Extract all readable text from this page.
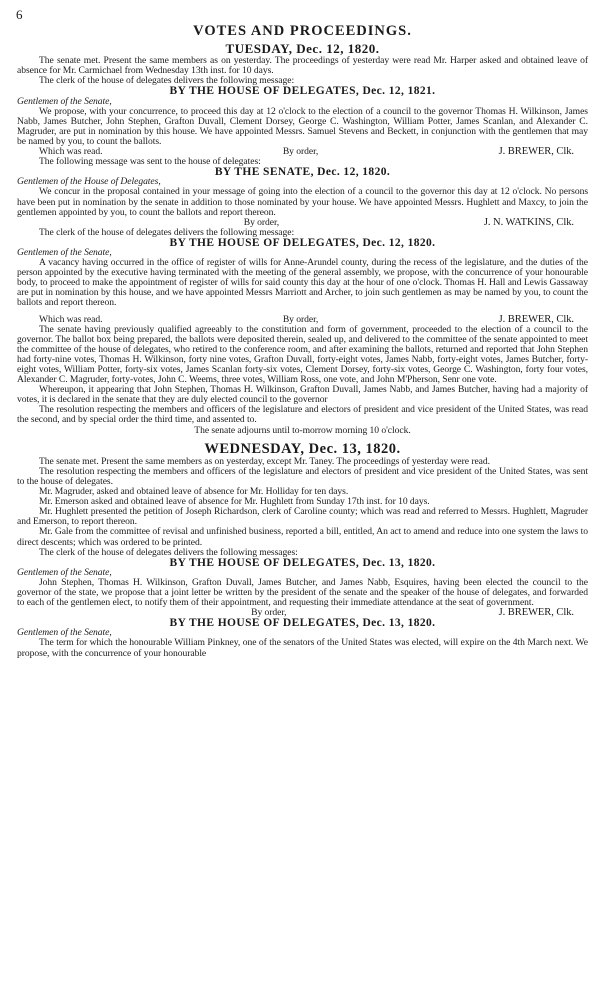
6
VOTES AND PROCEEDINGS.
TUESDAY, Dec. 12, 1820.

The senate met. Present the same members as on yesterday. The proceedings of yesterday were read Mr. Harper asked and obtained leave of absence for Mr. Carmichael from Wednesday 13th inst. for 10 days.

The clerk of the house of delegates delivers the following message:

BY THE HOUSE OF DELEGATES, Dec. 12, 1821.
Gentlemen of the Senate,

We propose, with your concurrence, to proceed this day at 12 o'clock to the election of a council to the governor Thomas H. Wilkinson, James Nabb, James Butcher, John Stephen, Grafton Duvall, Clement Dorsey, George C. Washington, William Potter, James Scanlan, and Alexander C. Magruder, are put in nomination by this house. We have appointed Messrs. Samuel Stevens and Beckett, in conjunction with the gentlemen that may be named by you, to count the ballots.

Which was read.	By order,	J. BREWER, Clk.

The following message was sent to the house of delegates:

BY THE SENATE, Dec. 12, 1820.
Gentlemen of the House of Delegates,

We concur in the proposal contained in your message of going into the election of a council to the governor this day at 12 o'clock. No persons have been put in nomination by the senate in addition to those nominated by your house. We have appointed Messrs. Hughlett and Maxcy, to join the gentlemen appointed by you, to count the ballots and report thereon.

By order,	J. N. WATKINS, Clk.

The clerk of the house of delegates delivers the following message:

BY THE HOUSE OF DELEGATES, Dec. 12, 1820.
Gentlemen of the Senate,

A vacancy having occurred in the office of register of wills for Anne-Arundel county, during the recess of the legislature, and the duties of the person appointed by the executive having terminated with the meeting of the general assembly, we propose, with the concurrence of your honourable body, to proceed to make the appointment of register of wills for said county this day at the hour of one o'clock. Thomas H. Hall and Lewis Gassaway are put in nomination by this house, and we have appointed Messrs Marriott and Archer, to join such gentlemen as may be named by you, to count the ballots and report thereon.

Which was read.	By order,	J. BREWER, Clk.

The senate having previously qualified agreeably to the constitution and form of government, proceeded to the election of a council to the governor. The ballot box being prepared, the ballots were deposited therein, sealed up, and delivered to the committee of the senate appointed to meet the committee of the house of delegates, who retired to the conference room, and after examining the ballots, returned and reported that John Stephen had forty-nine votes, Thomas H. Wilkinson, forty nine votes, Grafton Duvall, forty-eight votes, James Nabb, forty-eight votes, James Butcher, forty-eight votes, William Potter, forty-six votes, James Scanlan forty-six votes, Clement Dorsey, forty-six votes, George C. Washington, forty four votes, Alexander C. Magruder, forty-votes, John C. Weems, three votes, William Ross, one vote, and John M'Pherson, Senr one vote.

Whereupon, it appearing that John Stephen, Thomas H. Wilkinson, Grafton Duvall, James Nabb, and James Butcher, having had a majority of votes, it is declared in the senate that they are duly elected council to the governor

The resolution respecting the members and officers of the legislature and electors of president and vice president of the United States, was read the second, and by special order the third time, and assented to.

The senate adjourns until to-morrow morning 10 o'clock.
WEDNESDAY, Dec. 13, 1820.

The senate met. Present the same members as on yesterday, except Mr. Taney. The proceedings of yesterday were read.

The resolution respecting the members and officers of the legislature and electors of president and vice president of the United States, was sent to the house of delegates.

Mr. Magruder, asked and obtained leave of absence for Mr. Holliday for ten days.

Mr. Emerson asked and obtained leave of absence for Mr. Hughlett from Sunday 17th inst. for 10 days.

Mr. Hughlett presented the petition of Joseph Richardson, clerk of Caroline county; which was read and referred to Messrs. Hughlett, Magruder and Emerson, to report thereon.

Mr. Gale from the committee of revisal and unfinished business, reported a bill, entitled, An act to amend and reduce into one system the laws to direct descents; which was ordered to be printed.

The clerk of the house of delegates delivers the following messages:

BY THE HOUSE OF DELEGATES, Dec. 13, 1820.
Gentlemen of the Senate,

John Stephen, Thomas H. Wilkinson, Grafton Duvall, James Butcher, and James Nabb, Esquires, having been elected the council to the governor of the state, we propose that a joint letter be written by the president of the senate and the speaker of the house of delegates, and forwarded to each of the gentlemen elect, to notify them of their appointment, and requesting their immediate attendance at the seat of government.

By order,	J. BREWER, Clk.
BY THE HOUSE OF DELEGATES, Dec. 13, 1820.
Gentlemen of the Senate,

The term for which the honourable William Pinkney, one of the senators of the United States was elected, will expire on the 4th March next. We propose, with the concurrence of your honourable
